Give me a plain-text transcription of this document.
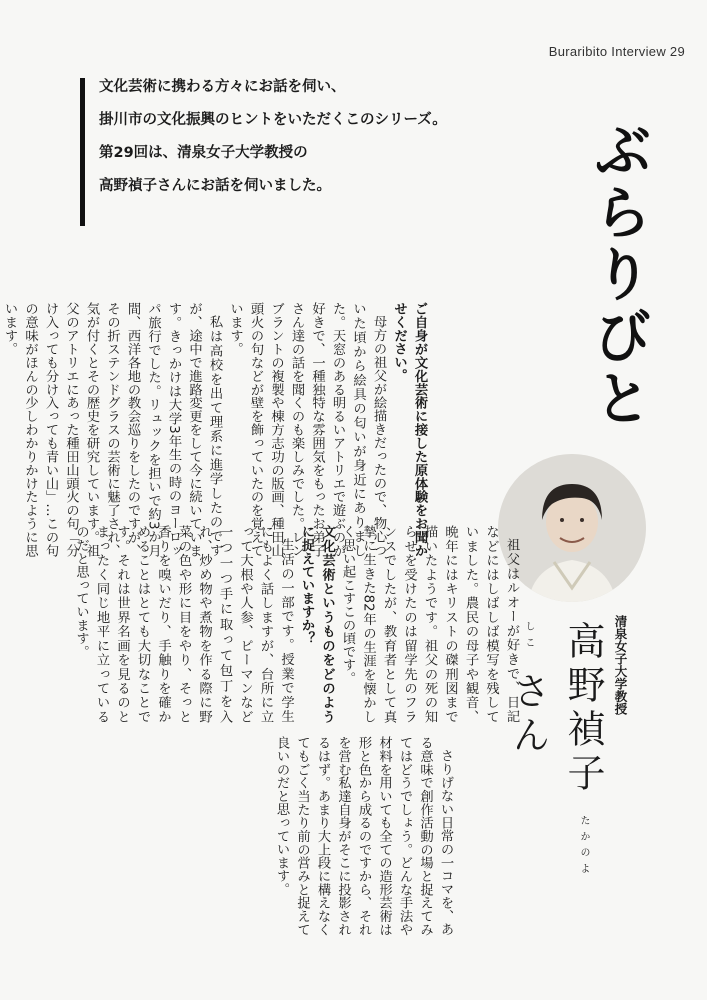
Buraribito Interview 29

文化芸術に携わる方々にお話を伺い、

掛川市の文化振興のヒントをいただくこのシリーズ。

第29回は、清泉女子大学教授の

高野禎子さんにお話を伺いました。	ぶらりびと
清泉女子大学教授
高野禎子 たかのよしこ さん

ご自身が文化芸術に接した原体験をお聞かせください。

母方の祖父が絵描きだったので、物心ついた頃から絵具の匂いが身近にありました。天窓のある明るいアトリエで遊ぶのが好きで、一種独特な雰囲気をもったお弟子さん達の話を聞くのも楽しみでした。レンブラントの複製や棟方志功の版画、種田山頭火の句などが壁を飾っていたのを覚えています。

私は高校を出て理系に進学したのですが、途中で進路変更をして今に続いています。きっかけは大学3年生の時のヨーロッパ旅行でした。リュックを担いで約3か月間、西洋各地の教会巡りをしたのですが、その折ステンドグラスの芸術に魅了され、気が付くとその歴史を研究しています。祖父のアトリエにあった種田山頭火の句「分け入っても分け入っても青い山」…この句の意味がほんの少しわかりかけたように思います。

祖父はルオーが好きで、日記などにはしばしば模写を残していました。農民の母子や観音、晩年にはキリストの磔刑図まで描いたようです。祖父の死の知らせを受けたのは留学先のフランスでしたが、教育者として真摯に生きた82年の生涯を懐かしく思い起こすこの頃です。

文化芸術というものをどのように捉えていますか？

生活の一部です。授業で学生にもよく話しますが、台所に立って大根や人参、ピーマンなど一つ一つ手に取って包丁を入れ、炒め物や煮物を作る際に野菜の色や形に目をやり、そっと香りを嗅いだり、手触りを確かめることはとても大切なことです。それは世界名画を見るのとまったく同じ地平に立っているのだと思っています。

さりげない日常の一コマを、ある意味で創作活動の場と捉えてみてはどうでしょう。どんな手法や材料を用いても全ての造形芸術は形と色から成るのですから、それを営む私達自身がそこに投影されるはず。あまり大上段に構えなくてもごく当たり前の営みと捉えて良いのだと思っています。
